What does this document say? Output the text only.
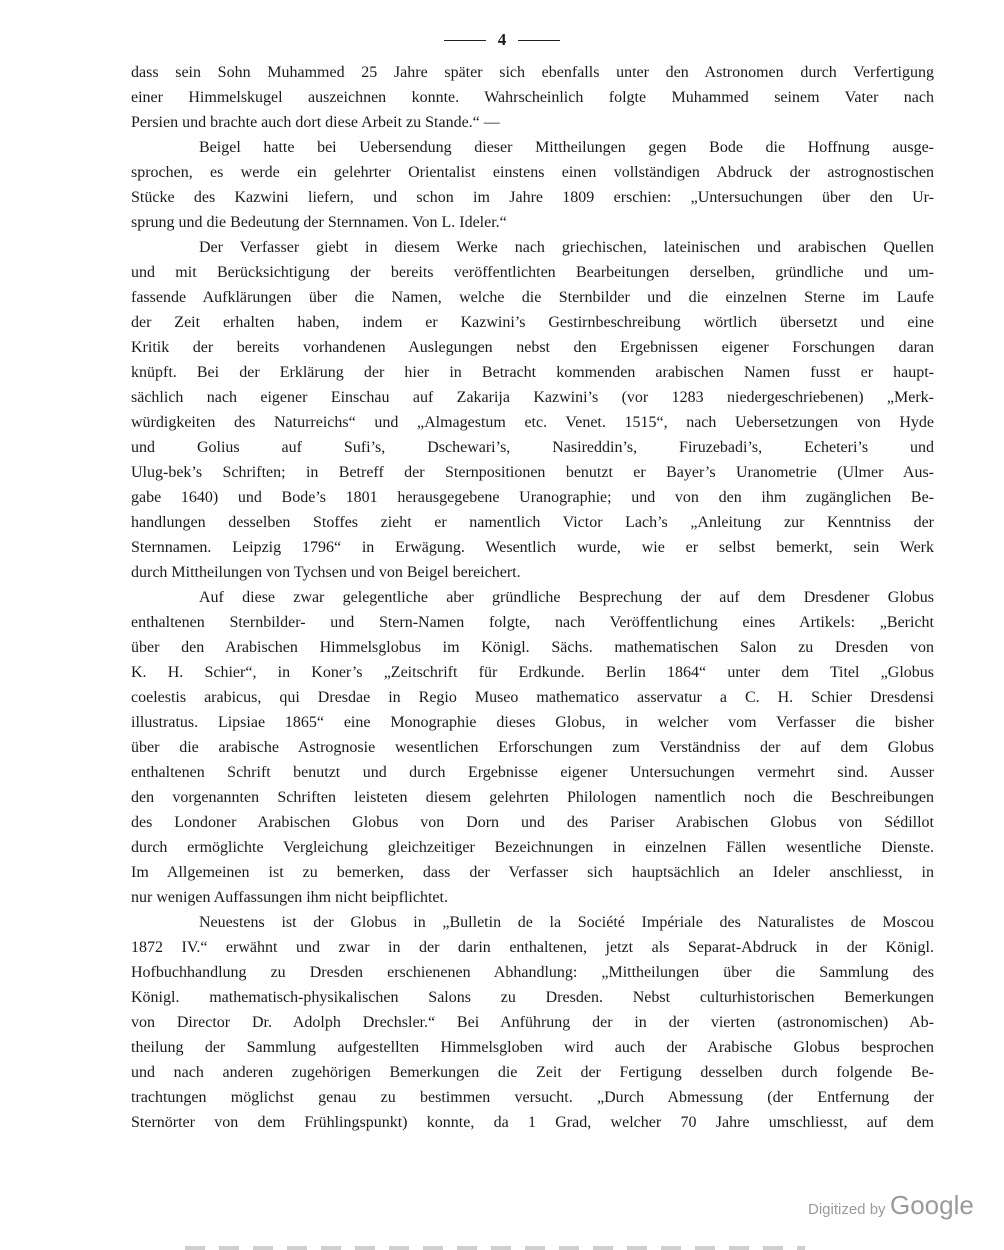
4

dass sein Sohn Muhammed 25 Jahre später sich ebenfalls unter den Astronomen durch Verfertigung
einer Himmelskugel auszeichnen konnte. Wahrscheinlich folgte Muhammed seinem Vater nach
Persien und brachte auch dort diese Arbeit zu Stande.“ —

Beigel hatte bei Uebersendung dieser Mittheilungen gegen Bode die Hoffnung ausge-
sprochen, es werde ein gelehrter Orientalist einstens einen vollständigen Abdruck der astrognostischen
Stücke des Kazwini liefern, und schon im Jahre 1809 erschien: „Untersuchungen über den Ur-
sprung und die Bedeutung der Sternnamen. Von L. Ideler.“

Der Verfasser giebt in diesem Werke nach griechischen, lateinischen und arabischen Quellen
und mit Berücksichtigung der bereits veröffentlichten Bearbeitungen derselben, gründliche und um-
fassende Aufklärungen über die Namen, welche die Sternbilder und die einzelnen Sterne im Laufe
der Zeit erhalten haben, indem er Kazwini’s Gestirnbeschreibung wörtlich übersetzt und eine
Kritik der bereits vorhandenen Auslegungen nebst den Ergebnissen eigener Forschungen daran
knüpft. Bei der Erklärung der hier in Betracht kommenden arabischen Namen fusst er haupt-
sächlich nach eigener Einschau auf Zakarija Kazwini’s (vor 1283 niedergeschriebenen) „Merk-
würdigkeiten des Naturreichs“ und „Almagestum etc. Venet. 1515“, nach Uebersetzungen von Hyde
und Golius auf Sufi’s, Dschewari’s, Nasireddin’s, Firuzebadi’s, Echeteri’s und
Ulug-bek’s Schriften; in Betreff der Sternpositionen benutzt er Bayer’s Uranometrie (Ulmer Aus-
gabe 1640) und Bode’s 1801 herausgegebene Uranographie; und von den ihm zugänglichen Be-
handlungen desselben Stoffes zieht er namentlich Victor Lach’s „Anleitung zur Kenntniss der
Sternnamen. Leipzig 1796“ in Erwägung. Wesentlich wurde, wie er selbst bemerkt, sein Werk
durch Mittheilungen von Tychsen und von Beigel bereichert.

Auf diese zwar gelegentliche aber gründliche Besprechung der auf dem Dresdener Globus
enthaltenen Sternbilder- und Stern-Namen folgte, nach Veröffentlichung eines Artikels: „Bericht
über den Arabischen Himmelsglobus im Königl. Sächs. mathematischen Salon zu Dresden von
K. H. Schier“, in Koner’s „Zeitschrift für Erdkunde. Berlin 1864“ unter dem Titel „Globus
coelestis arabicus, qui Dresdae in Regio Museo mathematico asservatur a C. H. Schier Dresdensi
illustratus. Lipsiae 1865“ eine Monographie dieses Globus, in welcher vom Verfasser die bisher
über die arabische Astrognosie wesentlichen Erforschungen zum Verständniss der auf dem Globus
enthaltenen Schrift benutzt und durch Ergebnisse eigener Untersuchungen vermehrt sind. Ausser
den vorgenannten Schriften leisteten diesem gelehrten Philologen namentlich noch die Beschreibungen
des Londoner Arabischen Globus von Dorn und des Pariser Arabischen Globus von Sédillot
durch ermöglichte Vergleichung gleichzeitiger Bezeichnungen in einzelnen Fällen wesentliche Dienste.
Im Allgemeinen ist zu bemerken, dass der Verfasser sich hauptsächlich an Ideler anschliesst, in
nur wenigen Auffassungen ihm nicht beipflichtet.

Neuestens ist der Globus in „Bulletin de la Société Impériale des Naturalistes de Moscou
1872 IV.“ erwähnt und zwar in der darin enthaltenen, jetzt als Separat-Abdruck in der Königl.
Hofbuchhandlung zu Dresden erschienenen Abhandlung: „Mittheilungen über die Sammlung des
Königl. mathematisch-physikalischen Salons zu Dresden. Nebst culturhistorischen Bemerkungen
von Director Dr. Adolph Drechsler.“ Bei Anführung der in der vierten (astronomischen) Ab-
theilung der Sammlung aufgestellten Himmelsgloben wird auch der Arabische Globus besprochen
und nach anderen zugehörigen Bemerkungen die Zeit der Fertigung desselben durch folgende Be-
trachtungen möglichst genau zu bestimmen versucht. „Durch Abmessung (der Entfernung der
Sternörter von dem Frühlingspunkt) konnte, da 1 Grad, welcher 70 Jahre umschliesst, auf dem

Digitized by Google
